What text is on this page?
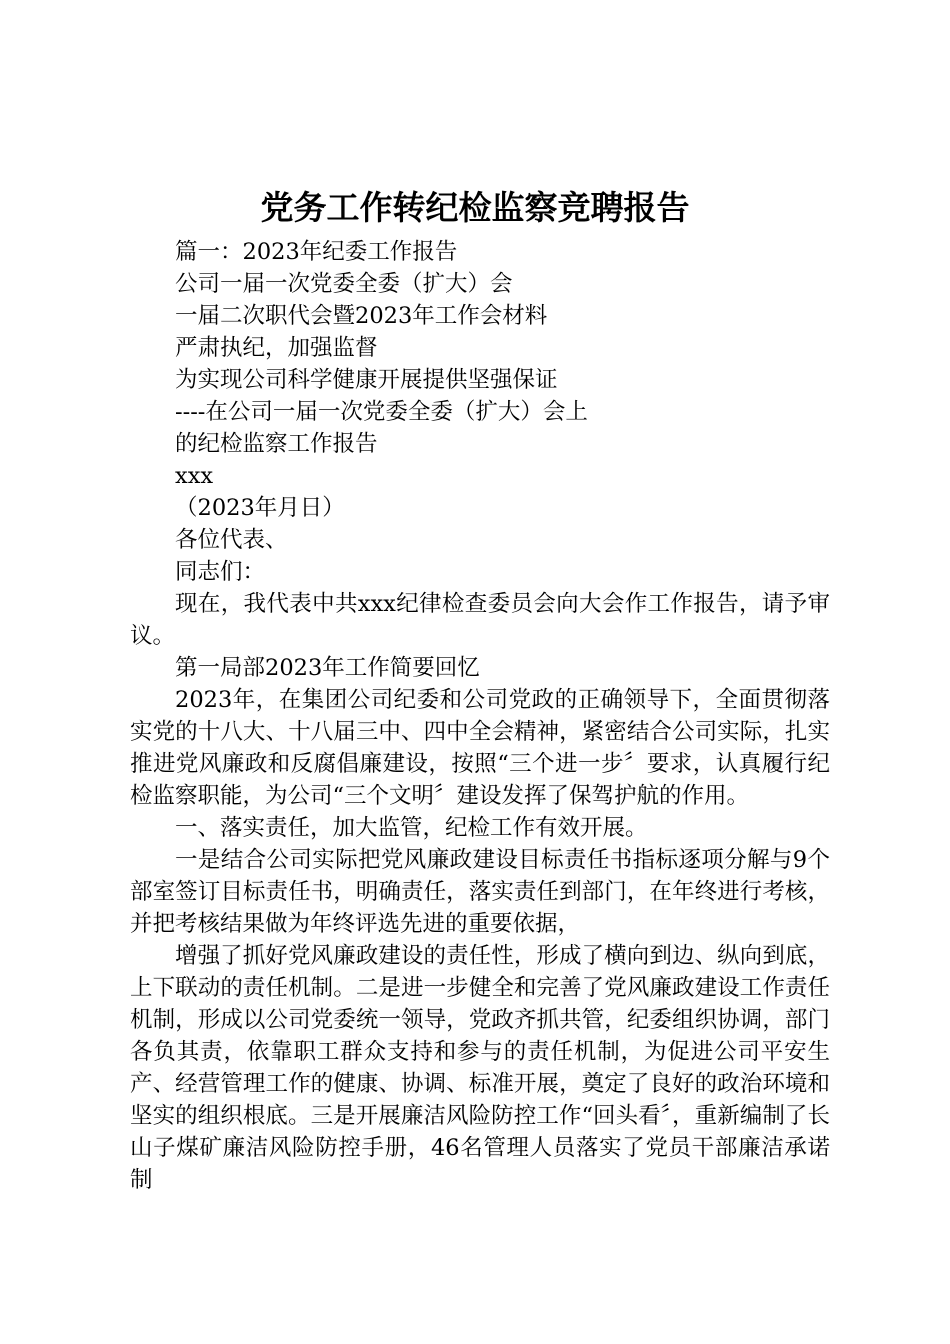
党务工作转纪检监察竞聘报告
篇一：2023年纪委工作报告
公司一届一次党委全委（扩大）会
一届二次职代会暨2023年工作会材料
严肃执纪，加强监督
为实现公司科学健康开展提供坚强保证
----在公司一届一次党委全委（扩大）会上
的纪检监察工作报告
xxx
（2023年月日）
各位代表、
同志们：

现在，我代表中共xxx纪律检查委员会向大会作工作报告，请予审议。

第一局部2023年工作简要回忆

2023年，在集团公司纪委和公司党政的正确领导下，全面贯彻落实党的十八大、十八届三中、四中全会精神，紧密结合公司实际，扎实推进党风廉政和反腐倡廉建设，按照“三个进一步〞要求，认真履行纪检监察职能，为公司“三个文明〞建设发挥了保驾护航的作用。

一、落实责任，加大监管，纪检工作有效开展。

一是结合公司实际把党风廉政建设目标责任书指标逐项分解与9个部室签订目标责任书，明确责任，落实责任到部门，在年终进行考核，并把考核结果做为年终评选先进的重要依据，

增强了抓好党风廉政建设的责任性，形成了横向到边、纵向到底，上下联动的责任机制。二是进一步健全和完善了党风廉政建设工作责任机制，形成以公司党委统一领导，党政齐抓共管，纪委组织协调，部门各负其责，依靠职工群众支持和参与的责任机制，为促进公司平安生产、经营管理工作的健康、协调、标准开展，奠定了良好的政治环境和坚实的组织根底。三是开展廉洁风险防控工作“回头看〞，重新编制了长山子煤矿廉洁风险防控手册，46名管理人员落实了党员干部廉洁承诺制
